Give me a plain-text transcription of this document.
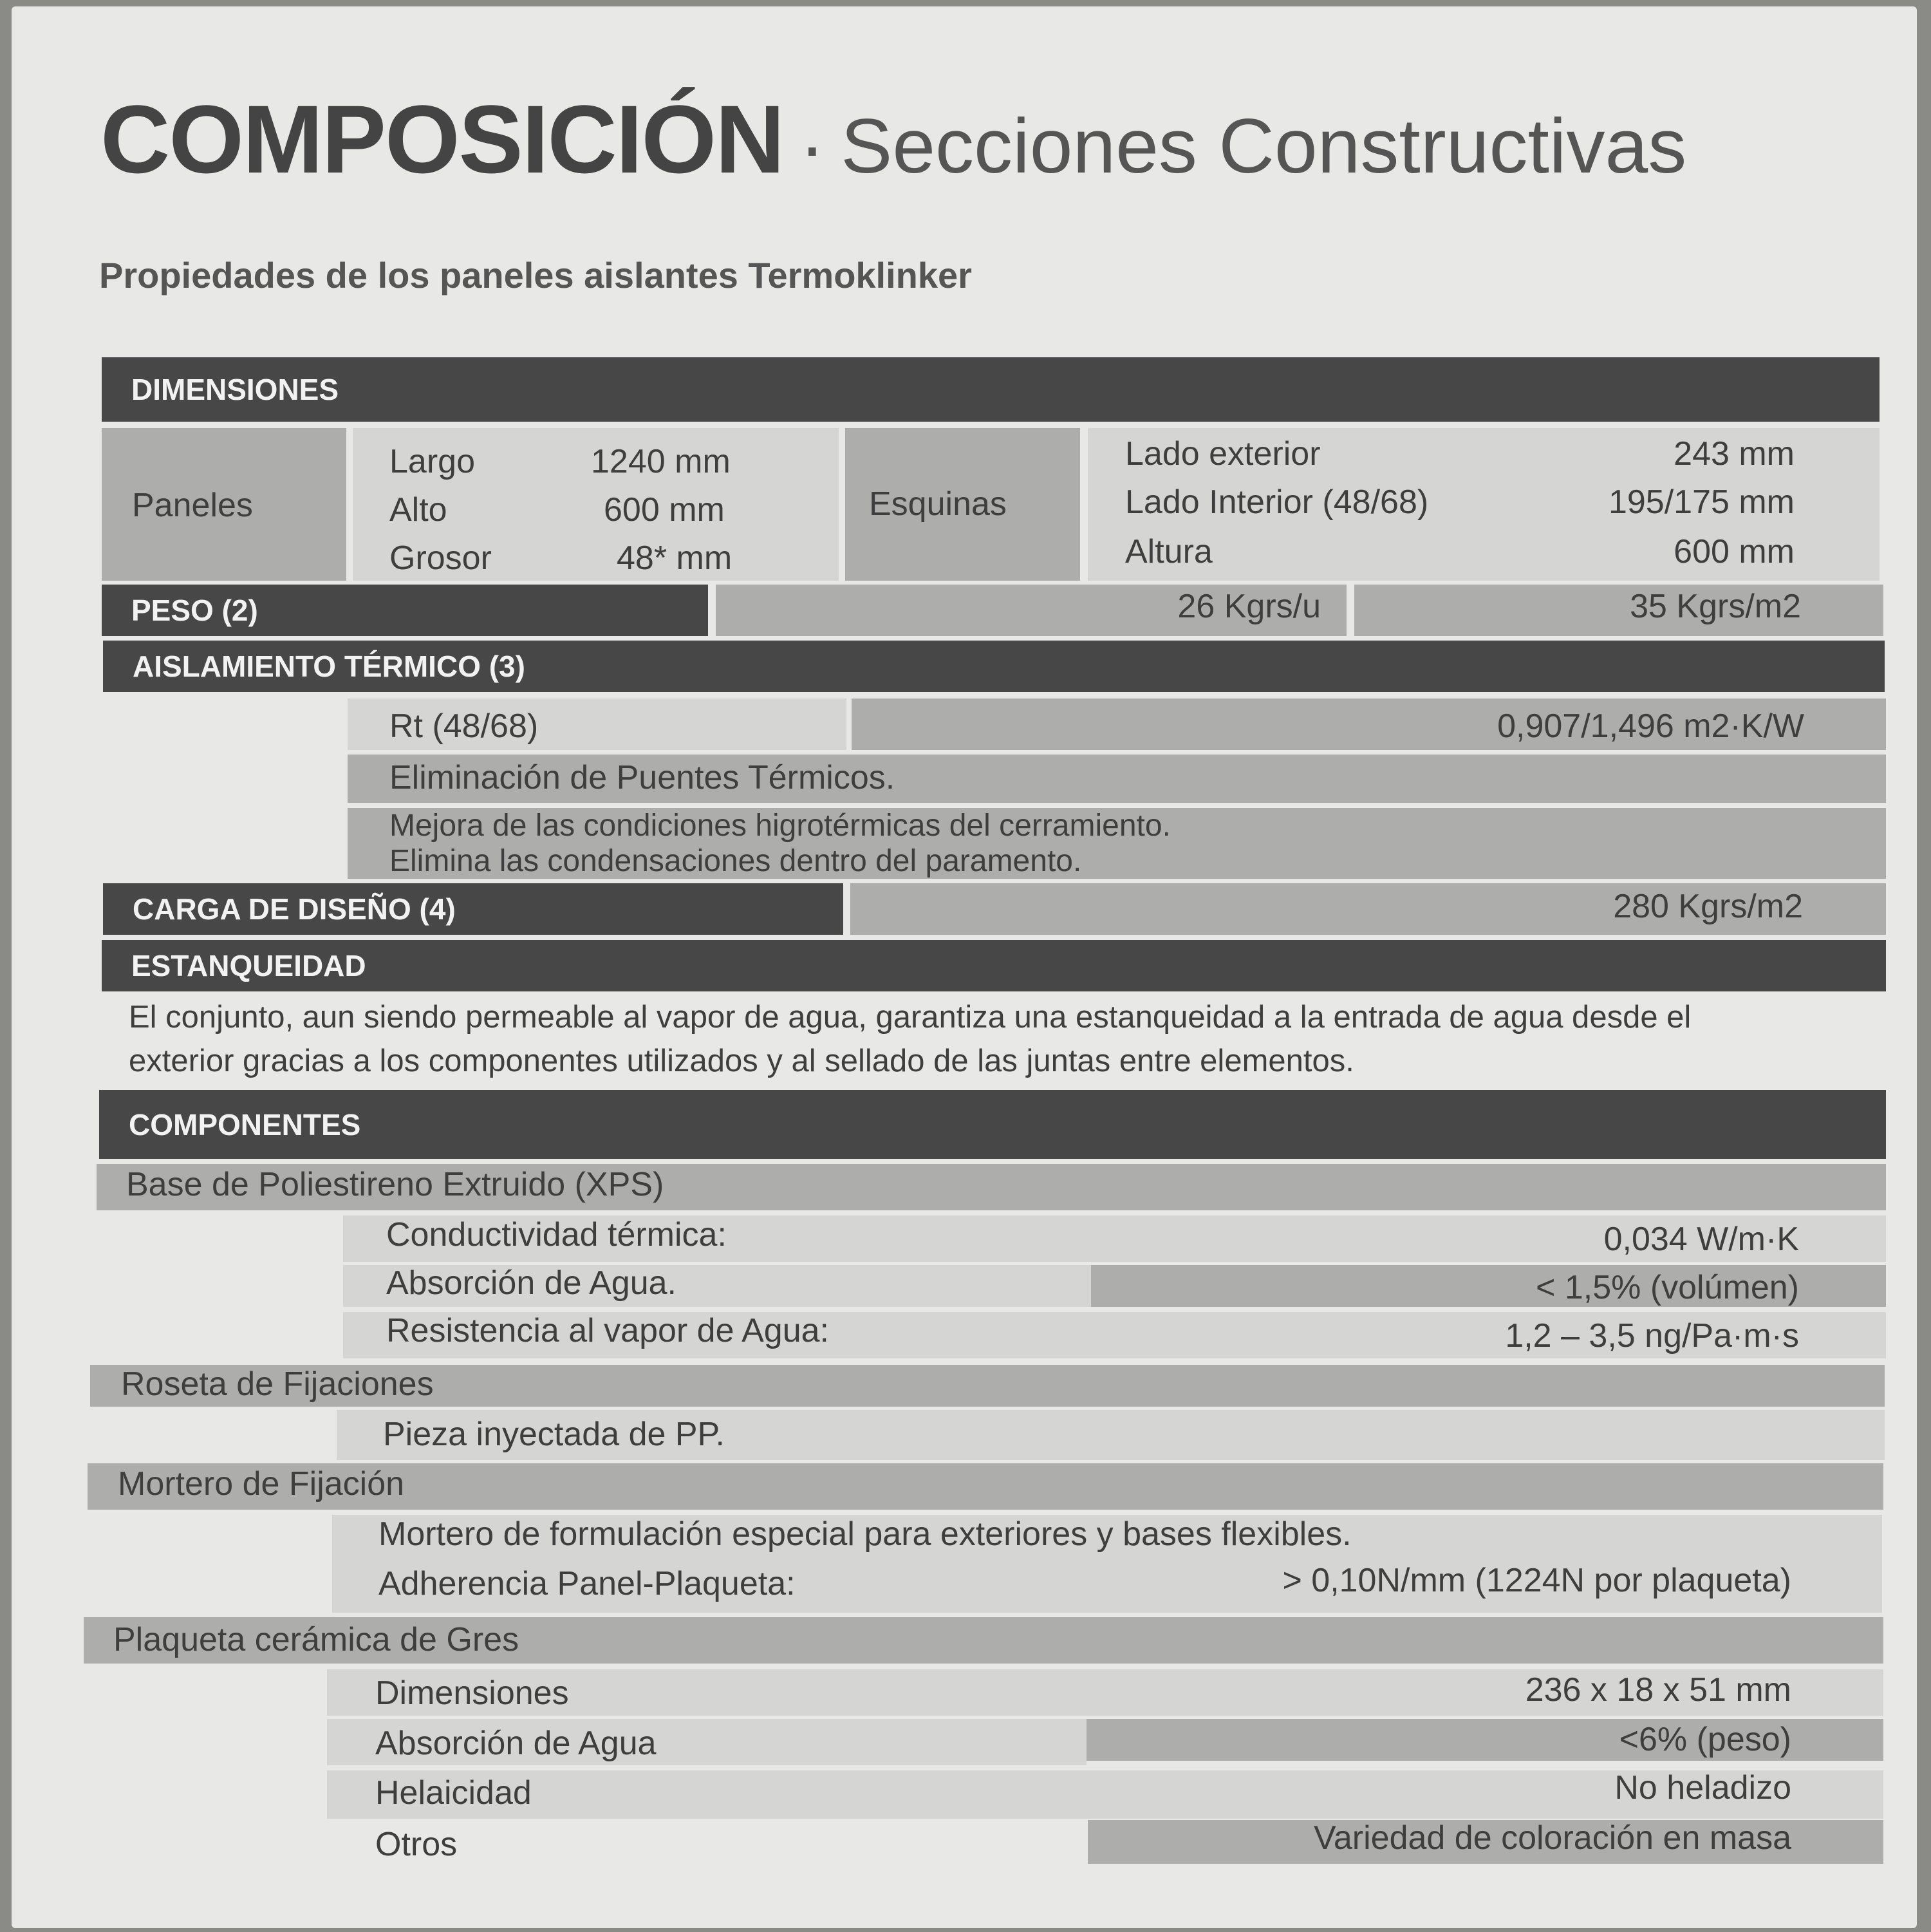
COMPOSICIÓN · Secciones Constructivas
Propiedades de los paneles aislantes Termoklinker
DIMENSIONES
Paneles
Largo	1240 mm
Alto	600 mm
Grosor	48* mm
Esquinas
Lado exterior	243 mm
Lado Interior (48/68)	195/175 mm
Altura	600 mm
PESO (2)	26 Kgrs/u	35 Kgrs/m2
AISLAMIENTO TÉRMICO (3)
Rt (48/68)	0,907/1,496 m2·K/W
Eliminación de Puentes Térmicos.
Mejora de las condiciones higrotérmicas del cerramiento.
Elimina las condensaciones dentro del paramento.
CARGA DE DISEÑO (4)	280 Kgrs/m2
ESTANQUEIDAD
El conjunto, aun siendo permeable al vapor de agua, garantiza una estanqueidad a la entrada de agua desde el
exterior gracias a los componentes utilizados y al sellado de las juntas entre elementos.
COMPONENTES
Base de Poliestireno Extruido (XPS)
Conductividad térmica:	0,034 W/m·K
Absorción de Agua.	< 1,5% (volúmen)
Resistencia al vapor de Agua:	1,2 – 3,5 ng/Pa·m·s
Roseta de Fijaciones
Pieza inyectada de PP.
Mortero de Fijación
Mortero de formulación especial para exteriores y bases flexibles.
Adherencia Panel-Plaqueta:	> 0,10N/mm (1224N por plaqueta)
Plaqueta cerámica de Gres
Dimensiones	236 x 18 x 51 mm
Absorción de Agua	<6% (peso)
Helaicidad	No heladizo
Otros	Variedad de coloración en masa
